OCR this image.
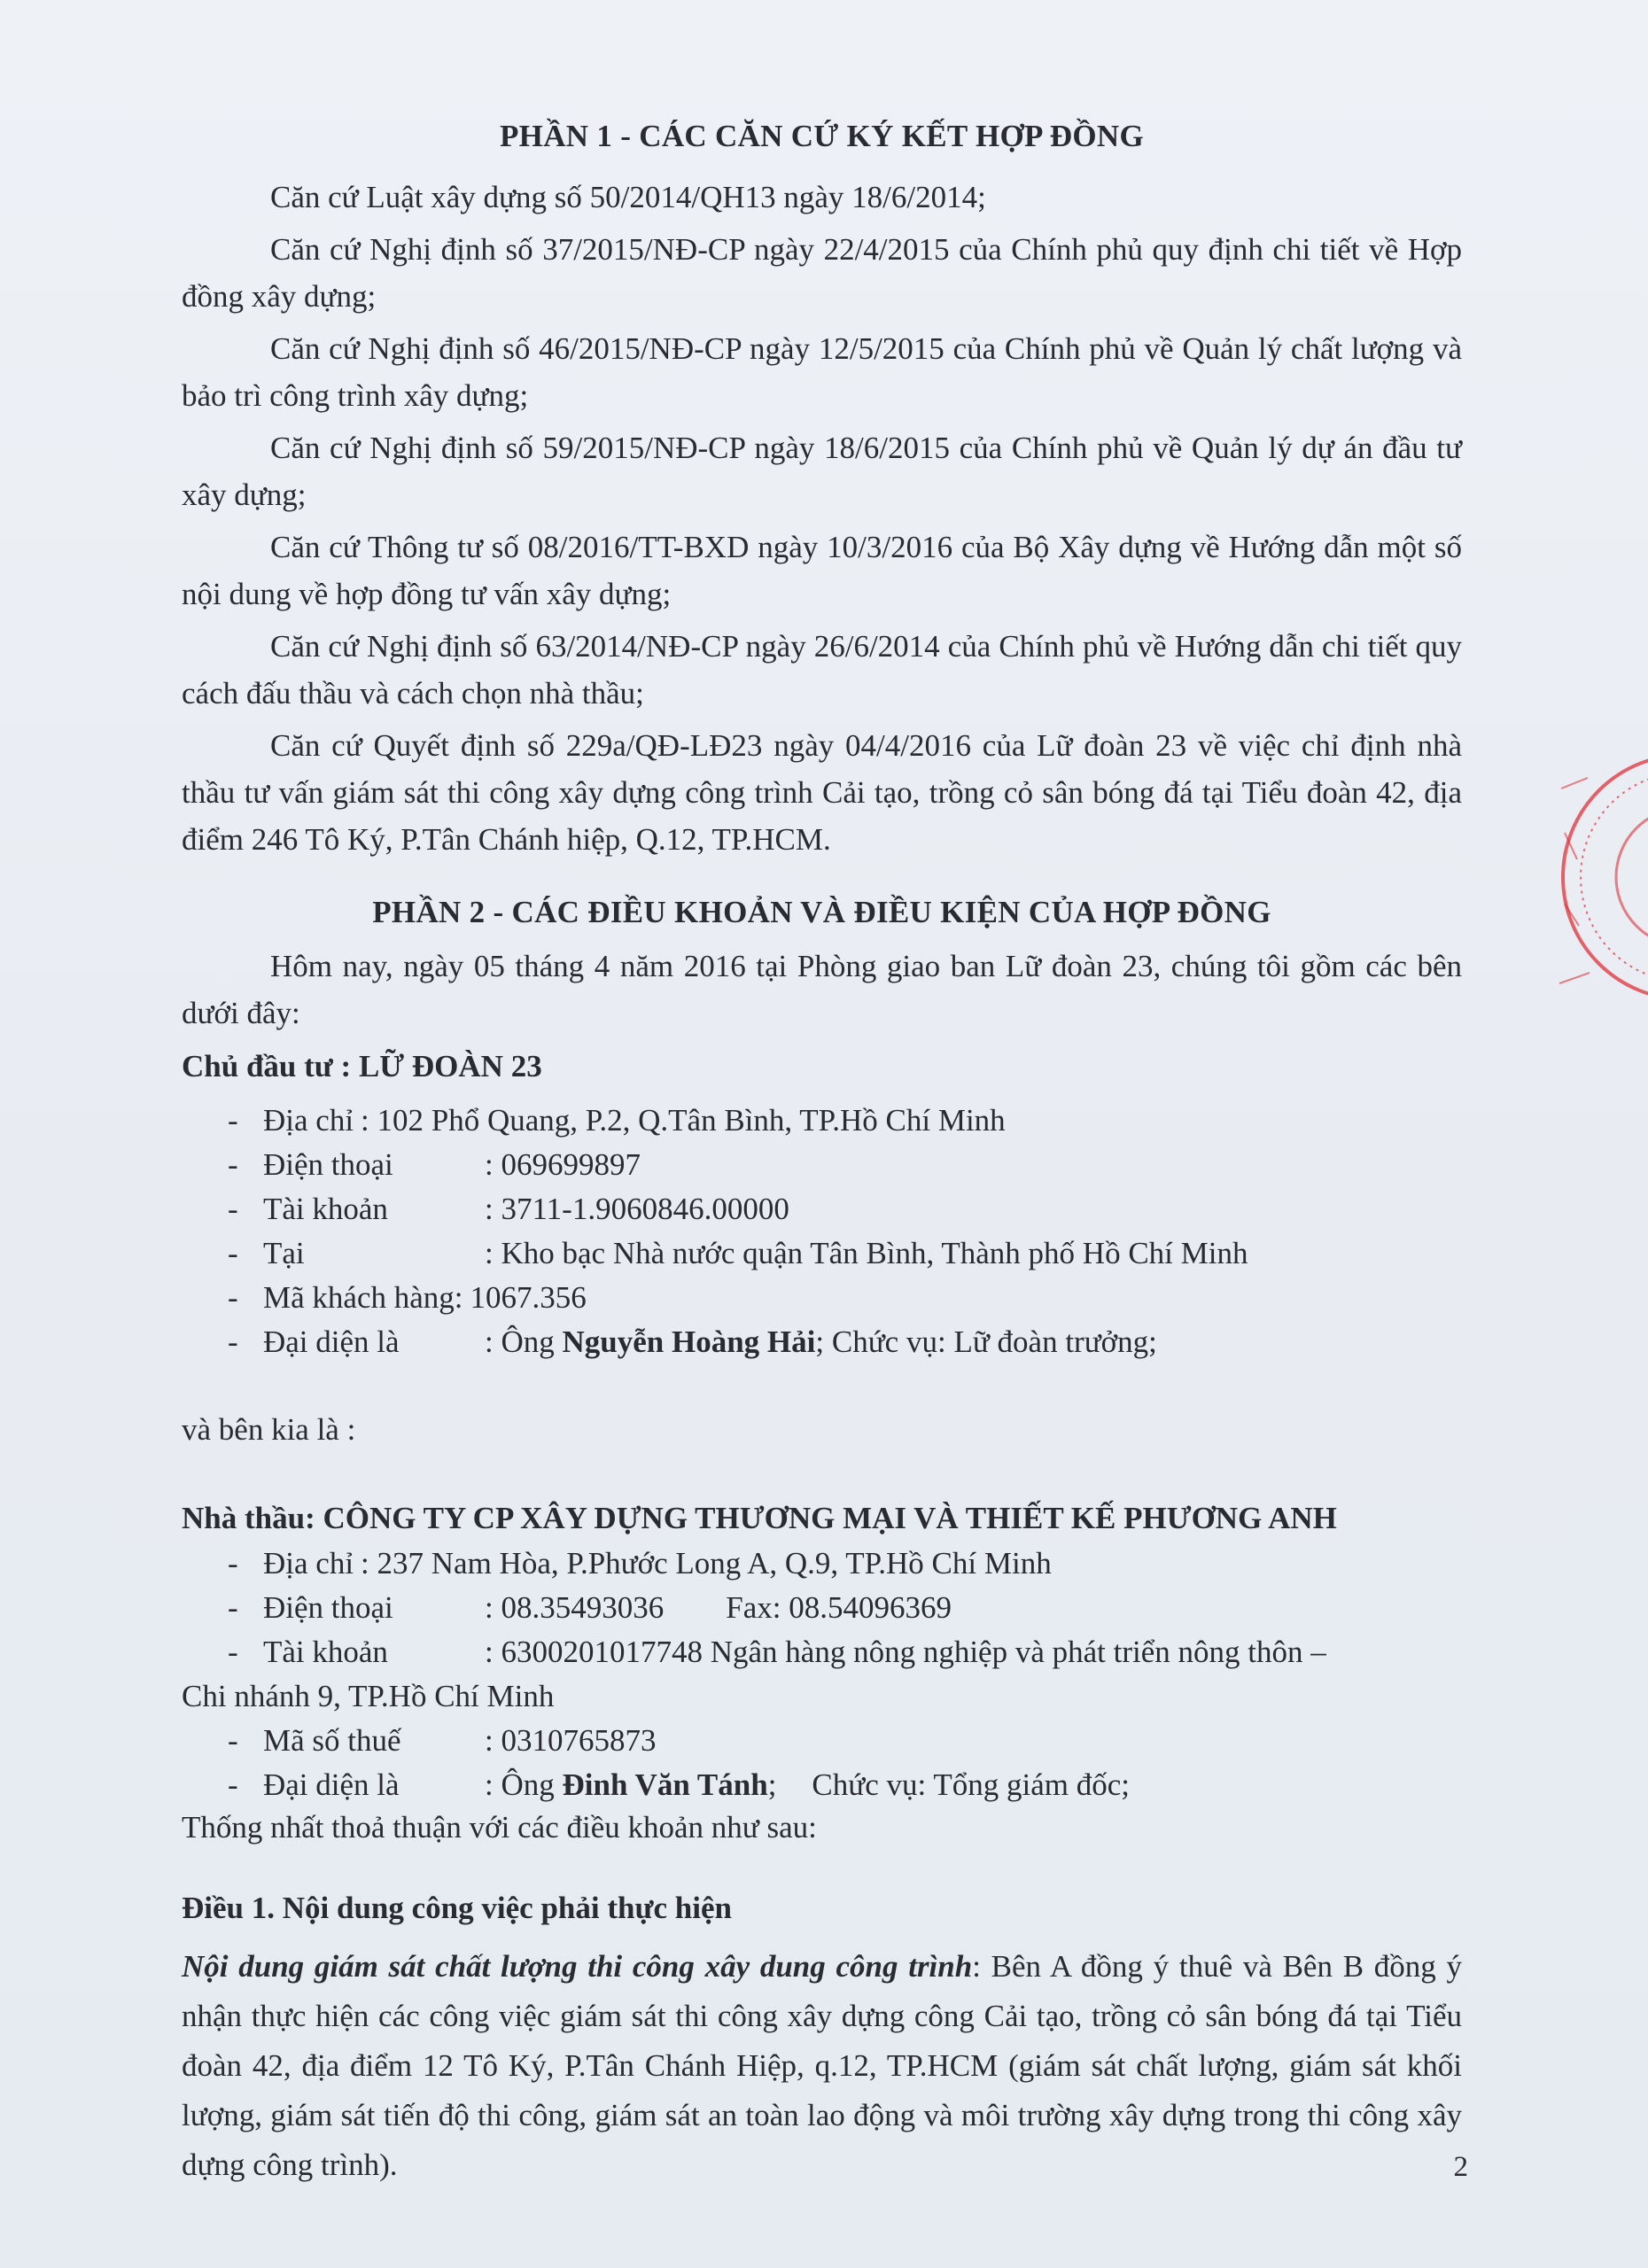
PHẦN 1 - CÁC CĂN CỨ KÝ KẾT HỢP ĐỒNG

Căn cứ Luật xây dựng số 50/2014/QH13 ngày 18/6/2014;

Căn cứ Nghị định số 37/2015/NĐ-CP ngày 22/4/2015 của Chính phủ quy định chi tiết về Hợp đồng xây dựng;

Căn cứ Nghị định số 46/2015/NĐ-CP ngày 12/5/2015 của Chính phủ về Quản lý chất lượng và bảo trì công trình xây dựng;

Căn cứ Nghị định số 59/2015/NĐ-CP ngày 18/6/2015 của Chính phủ về Quản lý dự án đầu tư xây dựng;

Căn cứ Thông tư số 08/2016/TT-BXD ngày 10/3/2016 của Bộ Xây dựng về Hướng dẫn một số nội dung về hợp đồng tư vấn xây dựng;

Căn cứ Nghị định số 63/2014/NĐ-CP ngày 26/6/2014 của Chính phủ về Hướng dẫn chi tiết quy cách đấu thầu và cách chọn nhà thầu;

Căn cứ Quyết định số 229a/QĐ-LĐ23 ngày 04/4/2016 của Lữ đoàn 23 về việc chỉ định nhà thầu tư vấn giám sát thi công xây dựng công trình Cải tạo, trồng cỏ sân bóng đá tại Tiểu đoàn 42, địa điểm 246 Tô Ký, P.Tân Chánh hiệp, Q.12, TP.HCM.

PHẦN 2 - CÁC ĐIỀU KHOẢN VÀ ĐIỀU KIỆN CỦA HỢP ĐỒNG

Hôm nay, ngày 05 tháng 4 năm 2016 tại Phòng giao ban Lữ đoàn 23, chúng tôi gồm các bên dưới đây:

Chủ đầu tư : LỮ ĐOÀN 23
- Địa chỉ : 102 Phổ Quang, P.2, Q.Tân Bình, TP.Hồ Chí Minh
- Điện thoại	: 069699897
- Tài khoản	: 3711-1.9060846.00000
- Tại	: Kho bạc Nhà nước quận Tân Bình, Thành phố Hồ Chí Minh
- Mã khách hàng: 1067.356
- Đại diện là	: Ông Nguyễn Hoàng Hải; Chức vụ: Lữ đoàn trưởng;
và bên kia là :
Nhà thầu: CÔNG TY CP XÂY DỰNG THƯƠNG MẠI VÀ THIẾT KẾ PHƯƠNG ANH
- Địa chỉ : 237 Nam Hòa, P.Phước Long A, Q.9, TP.Hồ Chí Minh
- Điện thoại	: 08.35493036 Fax: 08.54096369
- Tài khoản	: 6300201017748 Ngân hàng nông nghiệp và phát triển nông thôn –
Chi nhánh 9, TP.Hồ Chí Minh
- Mã số thuế	: 0310765873
- Đại diện là	: Ông Đinh Văn Tánh; Chức vụ: Tổng giám đốc;
Thống nhất thoả thuận với các điều khoản như sau:
Điều 1. Nội dung công việc phải thực hiện

Nội dung giám sát chất lượng thi công xây dung công trình: Bên A đồng ý thuê và Bên B đồng ý nhận thực hiện các công việc giám sát thi công xây dựng công Cải tạo, trồng cỏ sân bóng đá tại Tiểu đoàn 42, địa điểm 12 Tô Ký, P.Tân Chánh Hiệp, q.12, TP.HCM (giám sát chất lượng, giám sát khối lượng, giám sát tiến độ thi công, giám sát an toàn lao động và môi trường xây dựng trong thi công xây dựng công trình).	2
